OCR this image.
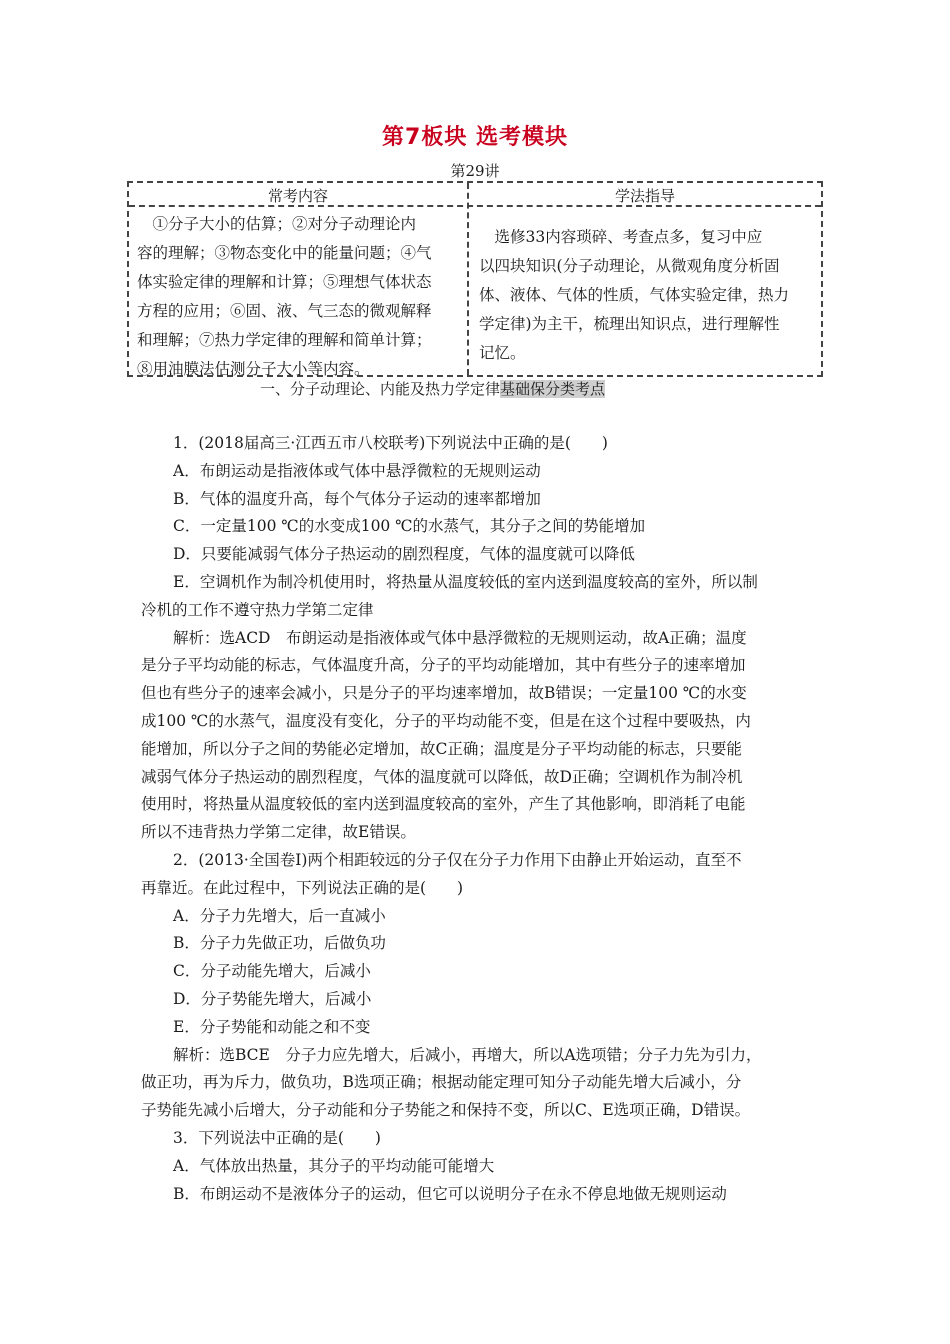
第7板块 选考模块
第29讲
常考内容	学法指导

　①分子大小的估算；②对分子动理论内

容的理解；③物态变化中的能量问题；④气

体实验定律的理解和计算；⑤理想气体状态

方程的应用；⑥固、液、气三态的微观解释

和理解；⑦热力学定律的理解和简单计算；

⑧用油膜法估测分子大小等内容。

　选修33内容琐碎、考查点多，复习中应

以四块知识(分子动理论，从微观角度分析固

体、液体、气体的性质，气体实验定律，热力

学定律)为主干，梳理出知识点，进行理解性

记忆。

一、分子动理论、内能及热力学定律基础保分类考点

1．(2018届高三·江西五市八校联考)下列说法中正确的是(　　)

A．布朗运动是指液体或气体中悬浮微粒的无规则运动

B．气体的温度升高，每个气体分子运动的速率都增加

C．一定量100 ℃的水变成100 ℃的水蒸气，其分子之间的势能增加

D．只要能减弱气体分子热运动的剧烈程度，气体的温度就可以降低

E．空调机作为制冷机使用时，将热量从温度较低的室内送到温度较高的室外，所以制

冷机的工作不遵守热力学第二定律

解析：选ACD　布朗运动是指液体或气体中悬浮微粒的无规则运动，故A正确；温度

是分子平均动能的标志，气体温度升高，分子的平均动能增加，其中有些分子的速率增加

但也有些分子的速率会减小，只是分子的平均速率增加，故B错误；一定量100 ℃的水变

成100 ℃的水蒸气，温度没有变化，分子的平均动能不变，但是在这个过程中要吸热，内

能增加，所以分子之间的势能必定增加，故C正确；温度是分子平均动能的标志，只要能

减弱气体分子热运动的剧烈程度，气体的温度就可以降低，故D正确；空调机作为制冷机

使用时，将热量从温度较低的室内送到温度较高的室外，产生了其他影响，即消耗了电能

所以不违背热力学第二定律，故E错误。

2．(2013·全国卷Ⅰ)两个相距较远的分子仅在分子力作用下由静止开始运动，直至不

再靠近。在此过程中，下列说法正确的是(　　)

A．分子力先增大，后一直减小

B．分子力先做正功，后做负功

C．分子动能先增大，后减小

D．分子势能先增大，后减小

E．分子势能和动能之和不变

解析：选BCE　分子力应先增大，后减小，再增大，所以A选项错；分子力先为引力，

做正功，再为斥力，做负功，B选项正确；根据动能定理可知分子动能先增大后减小，分

子势能先减小后增大，分子动能和分子势能之和保持不变，所以C、E选项正确，D错误。

3．下列说法中正确的是(　　)

A．气体放出热量，其分子的平均动能可能增大

B．布朗运动不是液体分子的运动，但它可以说明分子在永不停息地做无规则运动
